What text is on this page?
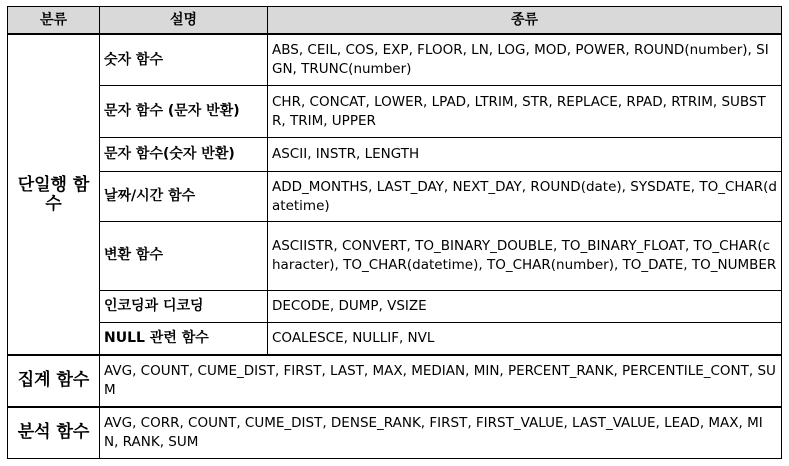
분류	설명	종류
단일행 함수	숫자 함수	ABS, CEIL, COS, EXP, FLOOR, LN, LOG, MOD, POWER, ROUND(number), SIGN, TRUNC(number)
	문자 함수 (문자 반환)	CHR, CONCAT, LOWER, LPAD, LTRIM, STR, REPLACE, RPAD, RTRIM, SUBSTR, TRIM, UPPER
	문자 함수(숫자 반환)	ASCII, INSTR, LENGTH
	날짜/시간 함수	ADD_MONTHS, LAST_DAY, NEXT_DAY, ROUND(date), SYSDATE, TO_CHAR(datetime)
	변환 함수	ASCIISTR, CONVERT, TO_BINARY_DOUBLE, TO_BINARY_FLOAT, TO_CHAR(character), TO_CHAR(datetime), TO_CHAR(number), TO_DATE, TO_NUMBER
	인코딩과 디코딩	DECODE, DUMP, VSIZE
	NULL 관련 함수	COALESCE, NULLIF, NVL
집계 함수	AVG, COUNT, CUME_DIST, FIRST, LAST, MAX, MEDIAN, MIN, PERCENT_RANK, PERCENTILE_CONT, SUM	
분석 함수	AVG, CORR, COUNT, CUME_DIST, DENSE_RANK, FIRST, FIRST_VALUE, LAST_VALUE, LEAD, MAX, MIN, RANK, SUM	
